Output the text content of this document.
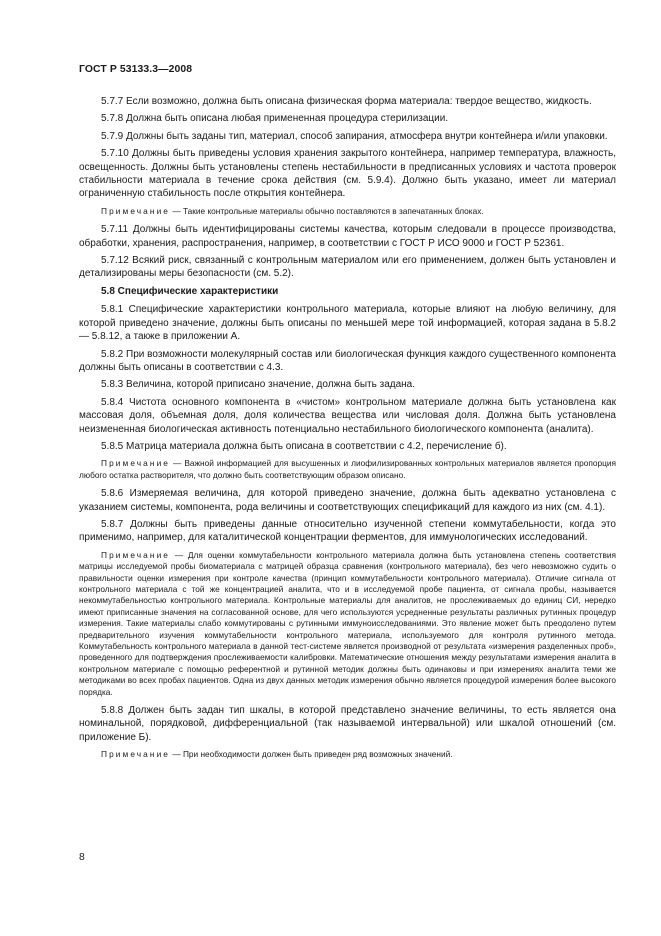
ГОСТ Р 53133.3—2008

5.7.7 Если возможно, должна быть описана физическая форма материала: твердое вещество, жидкость.

5.7.8 Должна быть описана любая примененная процедура стерилизации.

5.7.9 Должны быть заданы тип, материал, способ запирания, атмосфера внутри контейнера и/или упаковки.

5.7.10 Должны быть приведены условия хранения закрытого контейнера, например температура, влажность, освещенность. Должны быть установлены степень нестабильности в предписанных условиях и частота проверок стабильности материала в течение срока действия (см. 5.9.4). Должно быть указано, имеет ли материал ограниченную стабильность после открытия контейнера.

Примечание — Такие контрольные материалы обычно поставляются в запечатанных блоках.

5.7.11 Должны быть идентифицированы системы качества, которым следовали в процессе производства, обработки, хранения, распространения, например, в соответствии с ГОСТ Р ИСО 9000 и ГОСТ Р 52361.

5.7.12 Всякий риск, связанный с контрольным материалом или его применением, должен быть установлен и детализированы меры безопасности (см. 5.2).

5.8 Специфические характеристики

5.8.1 Специфические характеристики контрольного материала, которые влияют на любую величину, для которой приведено значение, должны быть описаны по меньшей мере той информацией, которая задана в 5.8.2 — 5.8.12, а также в приложении А.

5.8.2 При возможности молекулярный состав или биологическая функция каждого существенного компонента должны быть описаны в соответствии с 4.3.

5.8.3 Величина, которой приписано значение, должна быть задана.

5.8.4 Чистота основного компонента в «чистом» контрольном материале должна быть установлена как массовая доля, объемная доля, доля количества вещества или числовая доля. Должна быть установлена неизмененная биологическая активность потенциально нестабильного биологического компонента (аналита).

5.8.5 Матрица материала должна быть описана в соответствии с 4.2, перечисление б).

Примечание — Важной информацией для высушенных и лиофилизированных контрольных материалов является пропорция любого остатка растворителя, что должно быть соответствующим образом описано.

5.8.6 Измеряемая величина, для которой приведено значение, должна быть адекватно установлена с указанием системы, компонента, рода величины и соответствующих спецификаций для каждого из них (см. 4.1).

5.8.7 Должны быть приведены данные относительно изученной степени коммутабельности, когда это применимо, например, для каталитической концентрации ферментов, для иммунологических исследований.

Примечание — Для оценки коммутабельности контрольного материала должна быть установлена степень соответствия матрицы исследуемой пробы биоматериала с матрицей образца сравнения (контрольного материала), без чего невозможно судить о правильности оценки измерения при контроле качества (принцип коммутабельности контрольного материала). Отличие сигнала от контрольного материала с той же концентрацией аналита, что и в исследуемой пробе пациента, от сигнала пробы, называется некоммутабельностью контрольного материала. Контрольные материалы для аналитов, не прослеживаемых до единиц СИ, нередко имеют приписанные значения на согласованной основе, для чего используются усредненные результаты различных рутинных процедур измерения. Такие материалы слабо коммутированы с рутинными иммуноисследованиями. Это явление может быть преодолено путем предварительного изучения коммутабельности контрольного материала, используемого для контроля рутинного метода. Коммутабельность контрольного материала в данной тест-системе является производной от результата «измерения разделенных проб», проведенного для подтверждения прослеживаемости калибровки. Математические отношения между результатами измерения аналита в контрольном материале с помощью референтной и рутинной методик должны быть одинаковы и при измерениях аналита теми же методиками во всех пробах пациентов. Одна из двух данных методик измерения обычно является процедурой измерения более высокого порядка.

5.8.8 Должен быть задан тип шкалы, в которой представлено значение величины, то есть является она номинальной, порядковой, дифференциальной (так называемой интервальной) или шкалой отношений (см. приложение Б).

Примечание — При необходимости должен быть приведен ряд возможных значений.

8
